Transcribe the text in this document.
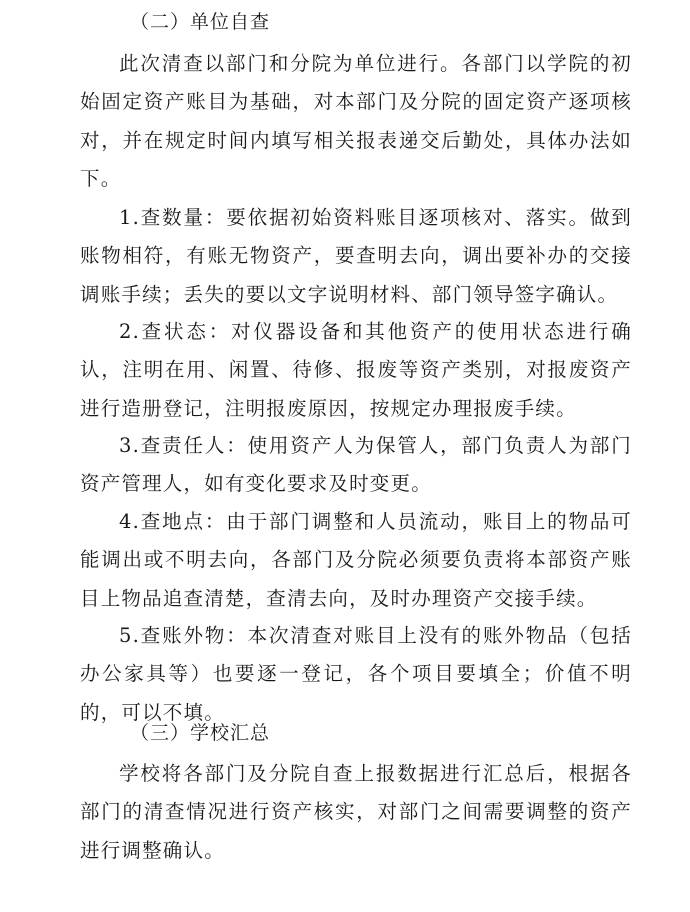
（二）单位自查

此次清查以部门和分院为单位进行。各部门以学院的初始固定资产账目为基础，对本部门及分院的固定资产逐项核对，并在规定时间内填写相关报表递交后勤处，具体办法如下。

1.查数量：要依据初始资料账目逐项核对、落实。做到账物相符，有账无物资产，要查明去向，调出要补办的交接调账手续；丢失的要以文字说明材料、部门领导签字确认。

2.查状态：对仪器设备和其他资产的使用状态进行确认，注明在用、闲置、待修、报废等资产类别，对报废资产进行造册登记，注明报废原因，按规定办理报废手续。

3.查责任人：使用资产人为保管人，部门负责人为部门资产管理人，如有变化要求及时变更。

4.查地点：由于部门调整和人员流动，账目上的物品可能调出或不明去向，各部门及分院必须要负责将本部资产账目上物品追查清楚，查清去向，及时办理资产交接手续。

5.查账外物：本次清查对账目上没有的账外物品（包括办公家具等）也要逐一登记，各个项目要填全；价值不明的，可以不填。

（三）学校汇总

学校将各部门及分院自查上报数据进行汇总后，根据各部门的清查情况进行资产核实，对部门之间需要调整的资产进行调整确认。
